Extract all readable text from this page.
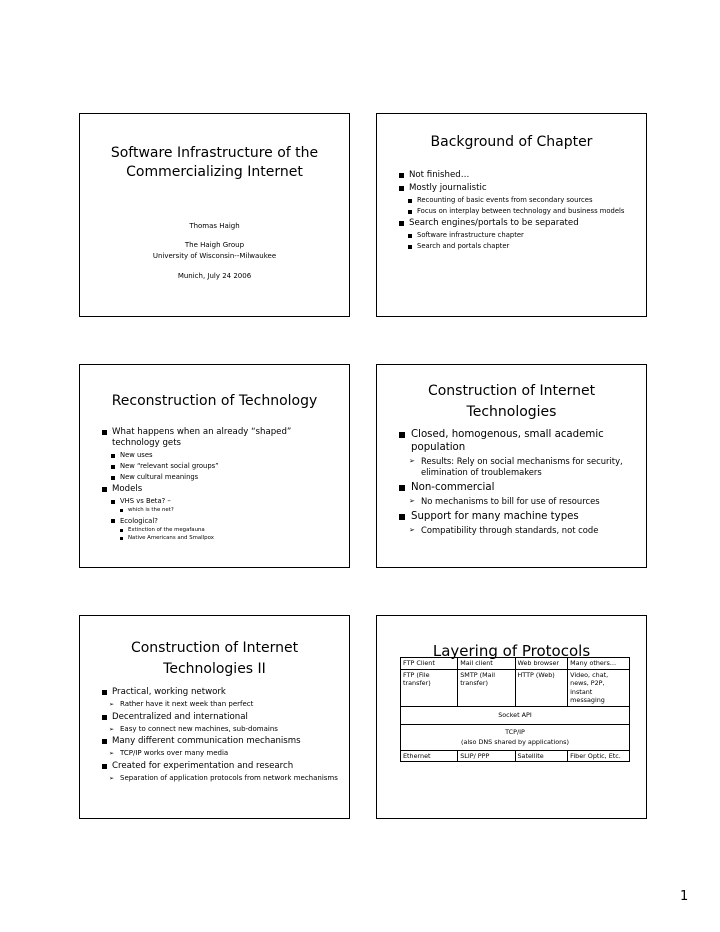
Software Infrastructure of the
Commercializing Internet
Thomas Haigh
The Haigh Group
University of Wisconsin--Milwaukee
Munich, July 24 2006
Background of Chapter
Not finished…
Mostly journalistic
Recounting of basic events from secondary sources
Focus on interplay between technology and business models
Search engines/portals to be separated
Software infrastructure chapter
Search and portals chapter
Reconstruction of Technology
What happens when an already “shaped” technology gets
New uses
New “relevant social groups”
New cultural meanings
Models
VHS vs Beta? –
which is the net?
Ecological?
Extinction of the megafauna
Native Americans and Smallpox
Construction of Internet
Technologies
Closed, homogenous, small academic population
➢ Results: Rely on social mechanisms for security, elimination of troublemakers
Non-commercial
➢ No mechanisms to bill for use of resources
Support for many machine types
➢ Compatibility through standards, not code
Construction of Internet
Technologies II
Practical, working network
➢ Rather have it next week than perfect
Decentralized and international
➢ Easy to connect new machines, sub-domains
Many different communication mechanisms
➢ TCP/IP works over many media
Created for experimentation and research
➢ Separation of application protocols from network mechanisms
Layering of Protocols
FTP Client	Mail client	Web browser	Many others…
FTP (File transfer)	SMTP (Mail transfer)	HTTP (Web)	Video, chat, news, P2P, instant messaging
Socket API			

TCP/IP
(also DNS shared by applications)			

Ethernet	SLIP/ PPP	Satellite	Fiber Optic, Etc.
1
